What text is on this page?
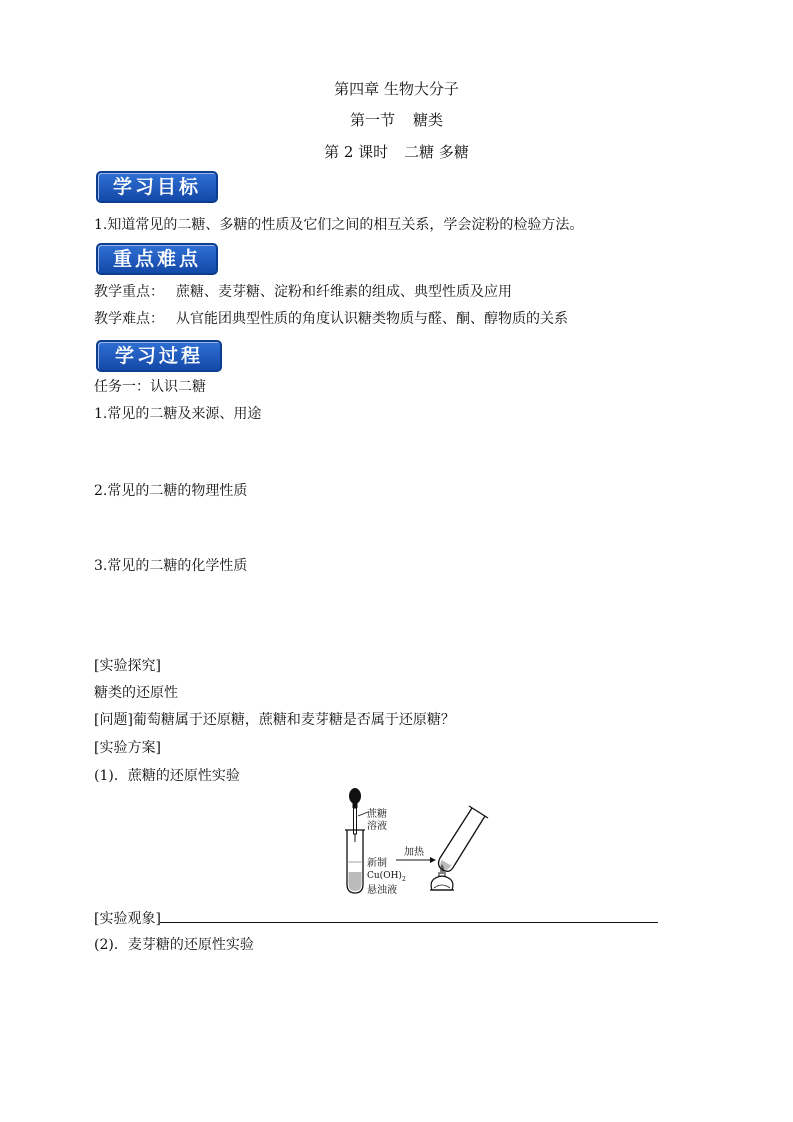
第四章 生物大分子
第一节 糖类
第 2 课时 二糖 多糖
学习目标
1.知道常见的二糖、多糖的性质及它们之间的相互关系，学会淀粉的检验方法。
重点难点
教学重点： 蔗糖、麦芽糖、淀粉和纤维素的组成、典型性质及应用
教学难点： 从官能团典型性质的角度认识糖类物质与醛、酮、醇物质的关系
学习过程
任务一：认识二糖
1.常见的二糖及来源、用途
2.常见的二糖的物理性质
3.常见的二糖的化学性质
[实验探究]
糖类的还原性
[问题]葡萄糖属于还原糖，蔗糖和麦芽糖是否属于还原糖？
[实验方案]
(1)．蔗糖的还原性实验
蔗糖
溶液
新制
$Cu(OH)_2$
悬浊液
加热
[实验观象]
(2)．麦芽糖的还原性实验
